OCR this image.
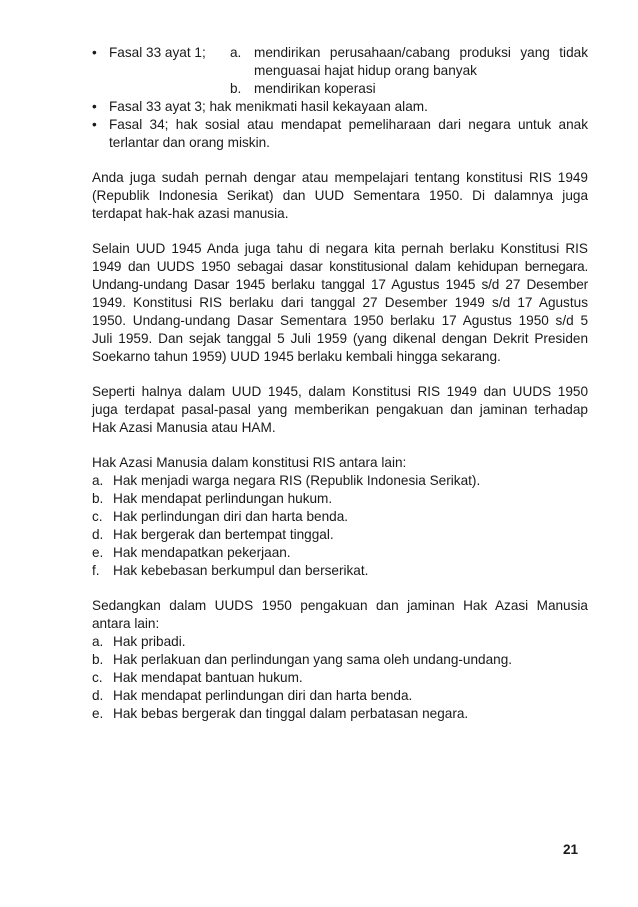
• Fasal 33 ayat 1; a. mendirikan perusahaan/cabang produksi yang tidak
menguasai hajat hidup orang banyak
b. mendirikan koperasi
• Fasal 33 ayat 3; hak menikmati hasil kekayaan alam.
• Fasal 34; hak sosial atau mendapat pemeliharaan dari negara untuk anak
terlantar dan orang miskin.
Anda juga sudah pernah dengar atau mempelajari tentang konstitusi RIS 1949
(Republik Indonesia Serikat) dan UUD Sementara 1950. Di dalamnya juga
terdapat hak-hak azasi manusia.
Selain UUD 1945 Anda juga tahu di negara kita pernah berlaku Konstitusi RIS
1949 dan UUDS 1950 sebagai dasar konstitusional dalam kehidupan bernegara.
Undang-undang Dasar 1945 berlaku tanggal 17 Agustus 1945 s/d 27 Desember
1949. Konstitusi RIS berlaku dari tanggal 27 Desember 1949 s/d 17 Agustus
1950. Undang-undang Dasar Sementara 1950 berlaku 17 Agustus 1950 s/d 5
Juli 1959. Dan sejak tanggal 5 Juli 1959 (yang dikenal dengan Dekrit Presiden
Soekarno tahun 1959) UUD 1945 berlaku kembali hingga sekarang.
Seperti halnya dalam UUD 1945, dalam Konstitusi RIS 1949 dan UUDS 1950
juga terdapat pasal-pasal yang memberikan pengakuan dan jaminan terhadap
Hak Azasi Manusia atau HAM.
Hak Azasi Manusia dalam konstitusi RIS antara lain:
a. Hak menjadi warga negara RIS (Republik Indonesia Serikat).
b. Hak mendapat perlindungan hukum.
c. Hak perlindungan diri dan harta benda.
d. Hak bergerak dan bertempat tinggal.
e. Hak mendapatkan pekerjaan.
f. Hak kebebasan berkumpul dan berserikat.
Sedangkan dalam UUDS 1950 pengakuan dan jaminan Hak Azasi Manusia
antara lain:
a. Hak pribadi.
b. Hak perlakuan dan perlindungan yang sama oleh undang-undang.
c. Hak mendapat bantuan hukum.
d. Hak mendapat perlindungan diri dan harta benda.
e. Hak bebas bergerak dan tinggal dalam perbatasan negara.
21
